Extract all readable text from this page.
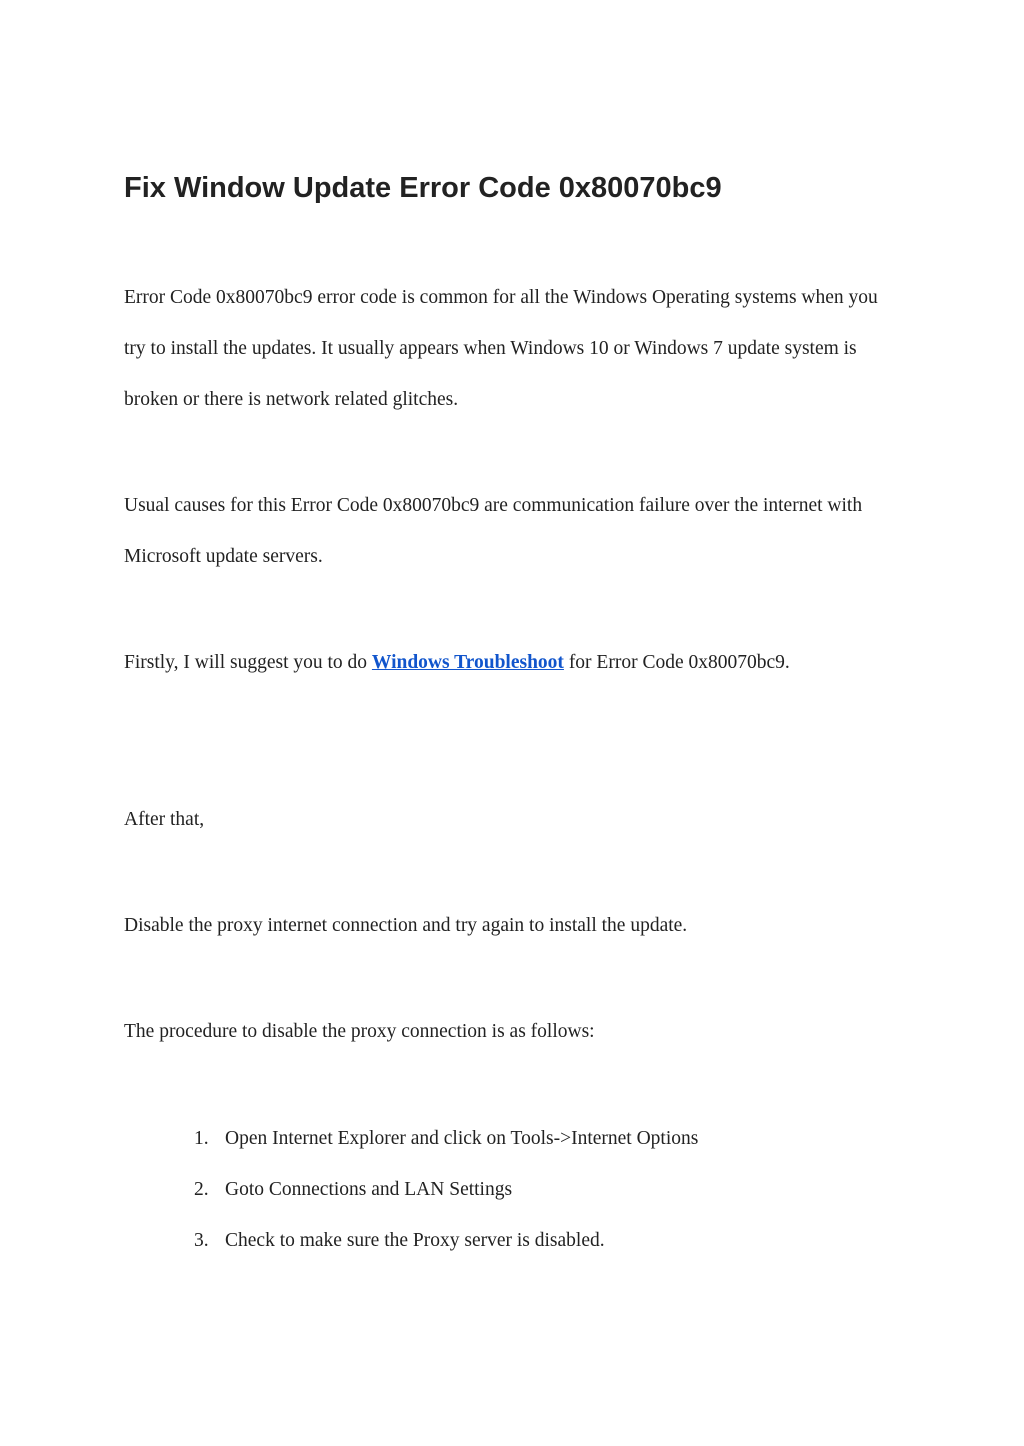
Fix Window Update Error Code 0x80070bc9

Error Code 0x80070bc9 error code is common for all the Windows Operating systems when you try to install the updates. It usually appears when Windows 10 or Windows 7 update system is broken or there is network related glitches.

Usual causes for this Error Code 0x80070bc9 are communication failure over the internet with Microsoft update servers.

Firstly, I will suggest you to do Windows Troubleshoot for Error Code 0x80070bc9.

After that,

Disable the proxy internet connection and try again to install the update.

The procedure to disable the proxy connection is as follows:

1. Open Internet Explorer and click on Tools->Internet Options
2. Goto Connections and LAN Settings
3. Check to make sure the Proxy server is disabled.
